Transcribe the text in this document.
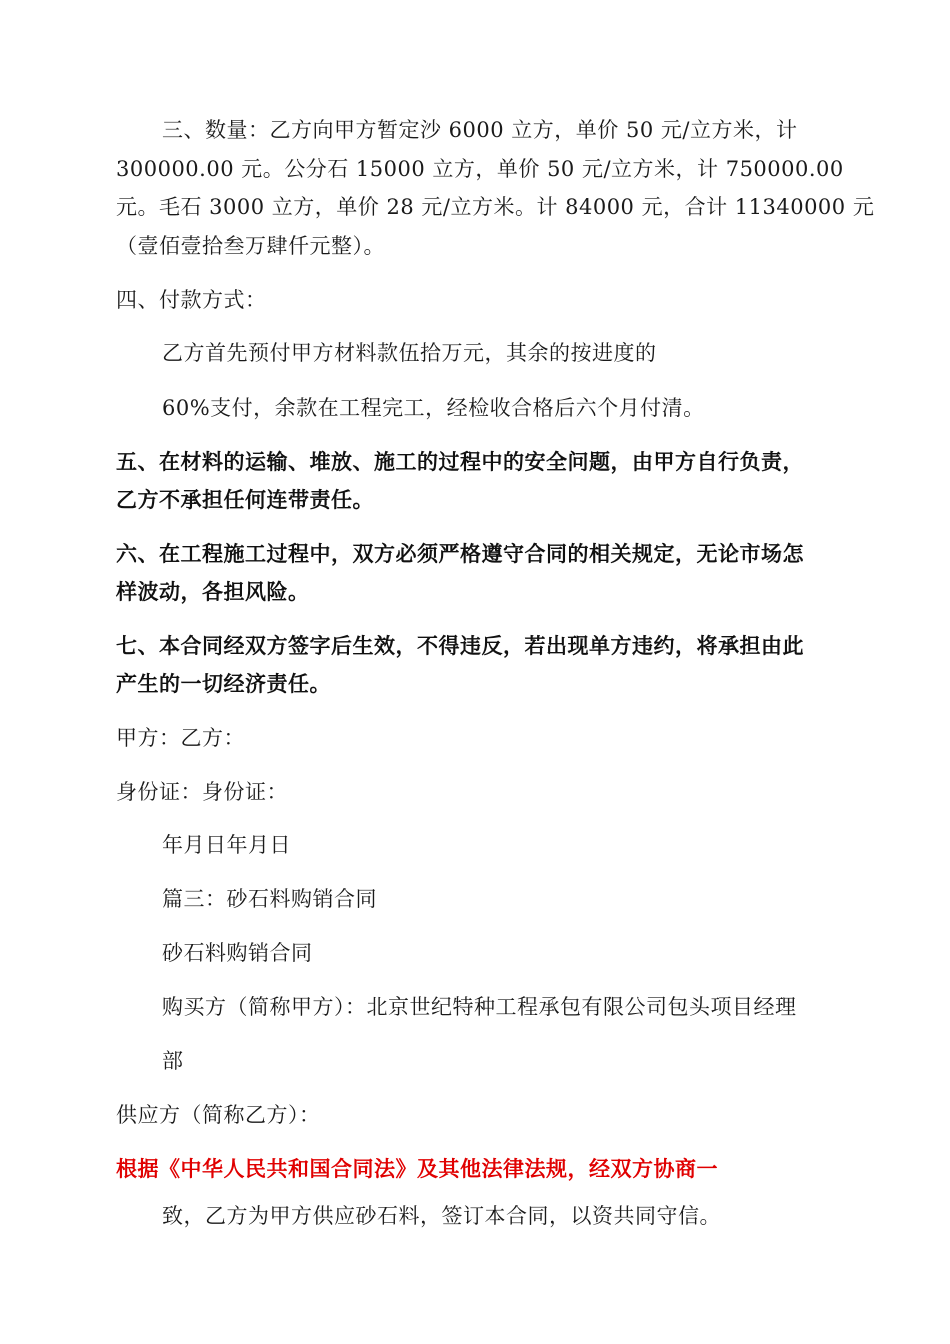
三、数量：乙方向甲方暂定沙 6000 立方，单价 50 元/立方米，计
300000.00 元。公分石 15000 立方，单价 50 元/立方米，计 750000.00
元。毛石 3000 立方，单价 28 元/立方米。计 84000 元，合计 11340000 元
（壹佰壹拾叁万肆仟元整）。
四、付款方式：
乙方首先预付甲方材料款伍拾万元，其余的按进度的
60%支付，余款在工程完工，经检收合格后六个月付清。
五、在材料的运输、堆放、施工的过程中的安全问题，由甲方自行负责，
乙方不承担任何连带责任。
六、在工程施工过程中，双方必须严格遵守合同的相关规定，无论市场怎
样波动，各担风险。
七、本合同经双方签字后生效，不得违反，若出现单方违约，将承担由此
产生的一切经济责任。
甲方：乙方：
身份证：身份证：
年月日年月日
篇三：砂石料购销合同
砂石料购销合同
购买方（简称甲方）：北京世纪特种工程承包有限公司包头项目经理
部
供应方（简称乙方）：
根据《中华人民共和国合同法》及其他法律法规，经双方协商一
致，乙方为甲方供应砂石料，签订本合同，以资共同守信。
